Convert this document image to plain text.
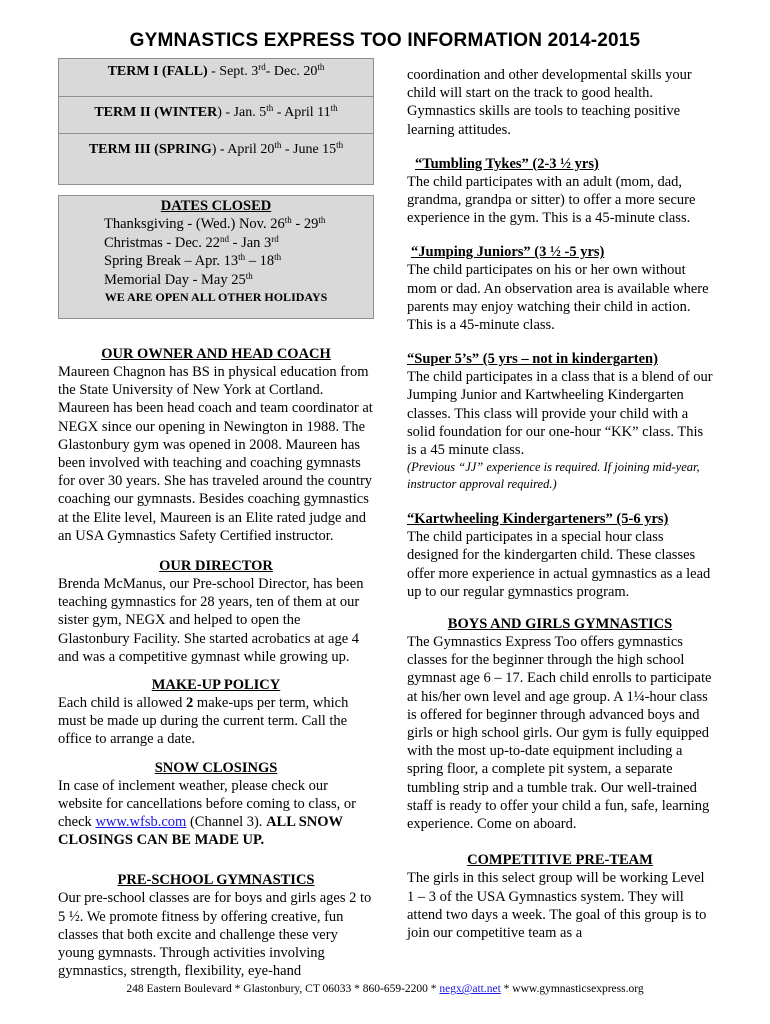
GYMNASTICS EXPRESS TOO INFORMATION 2014-2015
TERM I (FALL) - Sept. 3rd- Dec. 20th
TERM II (WINTER) - Jan. 5th - April 11th
TERM III (SPRING) - April 20th - June 15th
DATES CLOSED
Thanksgiving - (Wed.) Nov. 26th - 29th
Christmas - Dec. 22nd - Jan 3rd
Spring Break – Apr. 13th – 18th
Memorial Day - May 25th
WE ARE OPEN ALL OTHER HOLIDAYS
OUR OWNER AND HEAD COACH
Maureen Chagnon has BS in physical education from the State University of New York at Cortland. Maureen has been head coach and team coordinator at NEGX since our opening in Newington in 1988. The Glastonbury gym was opened in 2008. Maureen has been involved with teaching and coaching gymnasts for over 30 years. She has traveled around the country coaching our gymnasts. Besides coaching gymnastics at the Elite level, Maureen is an Elite rated judge and an USA Gymnastics Safety Certified instructor.
OUR DIRECTOR
Brenda McManus, our Pre-school Director, has been teaching gymnastics for 28 years, ten of them at our sister gym, NEGX and helped to open the Glastonbury Facility. She started acrobatics at age 4 and was a competitive gymnast while growing up.
MAKE-UP POLICY
Each child is allowed 2 make-ups per term, which must be made up during the current term. Call the office to arrange a date.
SNOW CLOSINGS
In case of inclement weather, please check our website for cancellations before coming to class, or check www.wfsb.com (Channel 3). ALL SNOW CLOSINGS CAN BE MADE UP.
PRE-SCHOOL GYMNASTICS
Our pre-school classes are for boys and girls ages 2 to 5 ½. We promote fitness by offering creative, fun classes that both excite and challenge these very young gymnasts. Through activities involving gymnastics, strength, flexibility, eye-hand
coordination and other developmental skills your child will start on the track to good health. Gymnastics skills are tools to teaching positive learning attitudes.
“Tumbling Tykes” (2-3 ½ yrs)
The child participates with an adult (mom, dad, grandma, grandpa or sitter) to offer a more secure experience in the gym. This is a 45-minute class.
“Jumping Juniors” (3 ½ -5 yrs)
The child participates on his or her own without mom or dad. An observation area is available where parents may enjoy watching their child in action. This is a 45-minute class.
“Super 5’s” (5 yrs – not in kindergarten)
The child participates in a class that is a blend of our Jumping Junior and Kartwheeling Kindergarten classes. This class will provide your child with a solid foundation for our one-hour “KK” class. This is a 45 minute class.
(Previous “JJ” experience is required. If joining mid-year, instructor approval required.)
“Kartwheeling Kindergarteners” (5-6 yrs)
The child participates in a special hour class designed for the kindergarten child. These classes offer more experience in actual gymnastics as a lead up to our regular gymnastics program.
BOYS AND GIRLS GYMNASTICS
The Gymnastics Express Too offers gymnastics classes for the beginner through the high school gymnast age 6 – 17. Each child enrolls to participate at his/her own level and age group. A 1¼-hour class is offered for beginner through advanced boys and girls or high school girls. Our gym is fully equipped with the most up-to-date equipment including a spring floor, a complete pit system, a separate tumbling strip and a tumble trak. Our well-trained staff is ready to offer your child a fun, safe, learning experience. Come on aboard.
COMPETITIVE PRE-TEAM
The girls in this select group will be working Level 1 – 3 of the USA Gymnastics system. They will attend two days a week. The goal of this group is to join our competitive team as a
248 Eastern Boulevard * Glastonbury, CT 06033 * 860-659-2200 * negx@att.net * www.gymnasticsexpress.org
